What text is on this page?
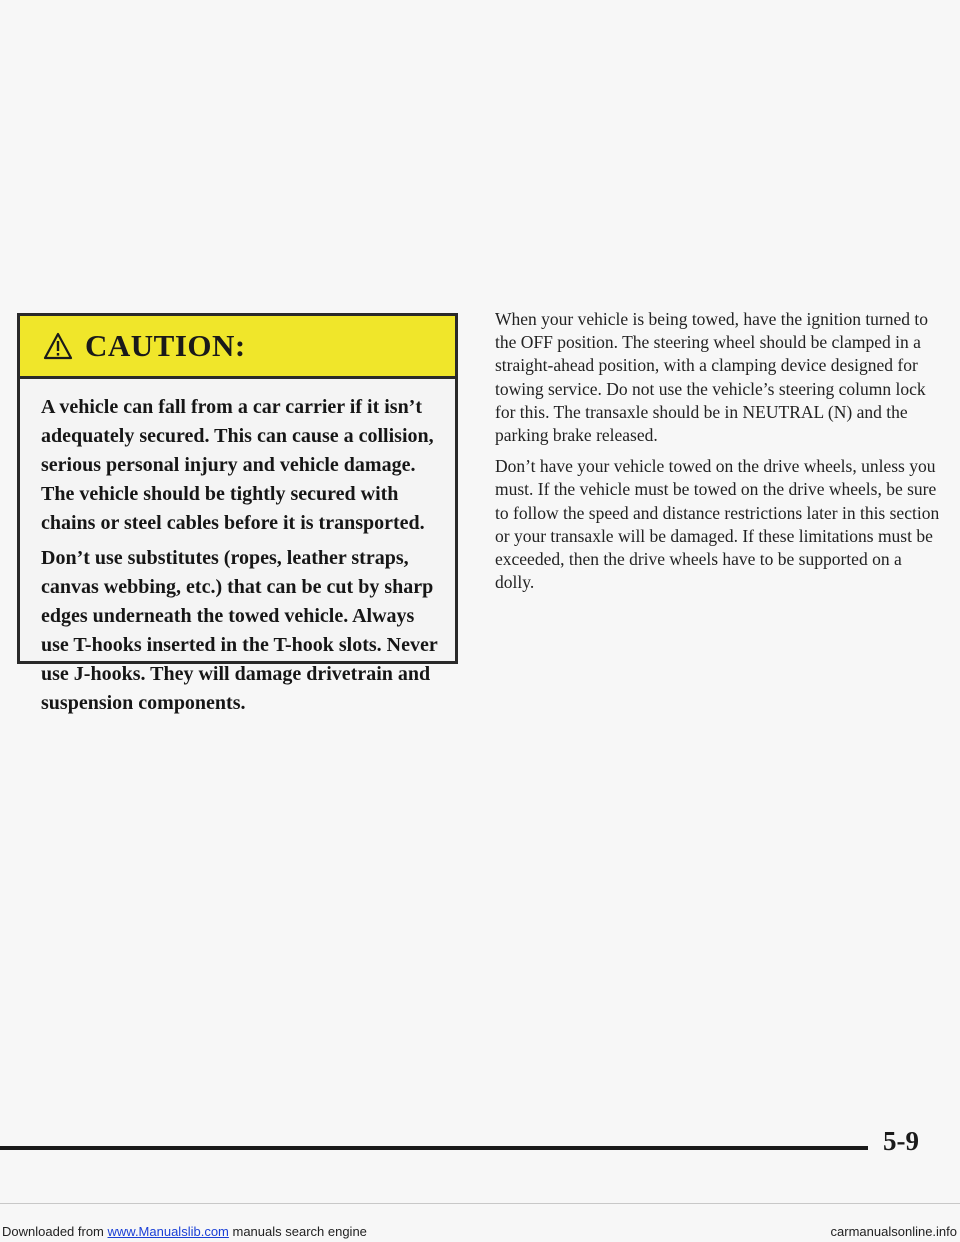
CAUTION:

A vehicle can fall from a car carrier if it isn’t adequately secured. This can cause a collision, serious personal injury and vehicle damage. The vehicle should be tightly secured with chains or steel cables before it is transported.

Don’t use substitutes (ropes, leather straps, canvas webbing, etc.) that can be cut by sharp edges underneath the towed vehicle. Always use T-hooks inserted in the T-hook slots. Never use J-hooks. They will damage drivetrain and suspension components.

When your vehicle is being towed, have the ignition turned to the OFF position. The steering wheel should be clamped in a straight-ahead position, with a clamping device designed for towing service. Do not use the vehicle’s steering column lock for this. The transaxle should be in NEUTRAL (N) and the parking brake released.

Don’t have your vehicle towed on the drive wheels, unless you must. If the vehicle must be towed on the drive wheels, be sure to follow the speed and distance restrictions later in this section or your transaxle will be damaged. If these limitations must be exceeded, then the drive wheels have to be supported on a dolly.

5-9
Downloaded from www.Manualslib.com manuals search engine	carmanualsonline.info
